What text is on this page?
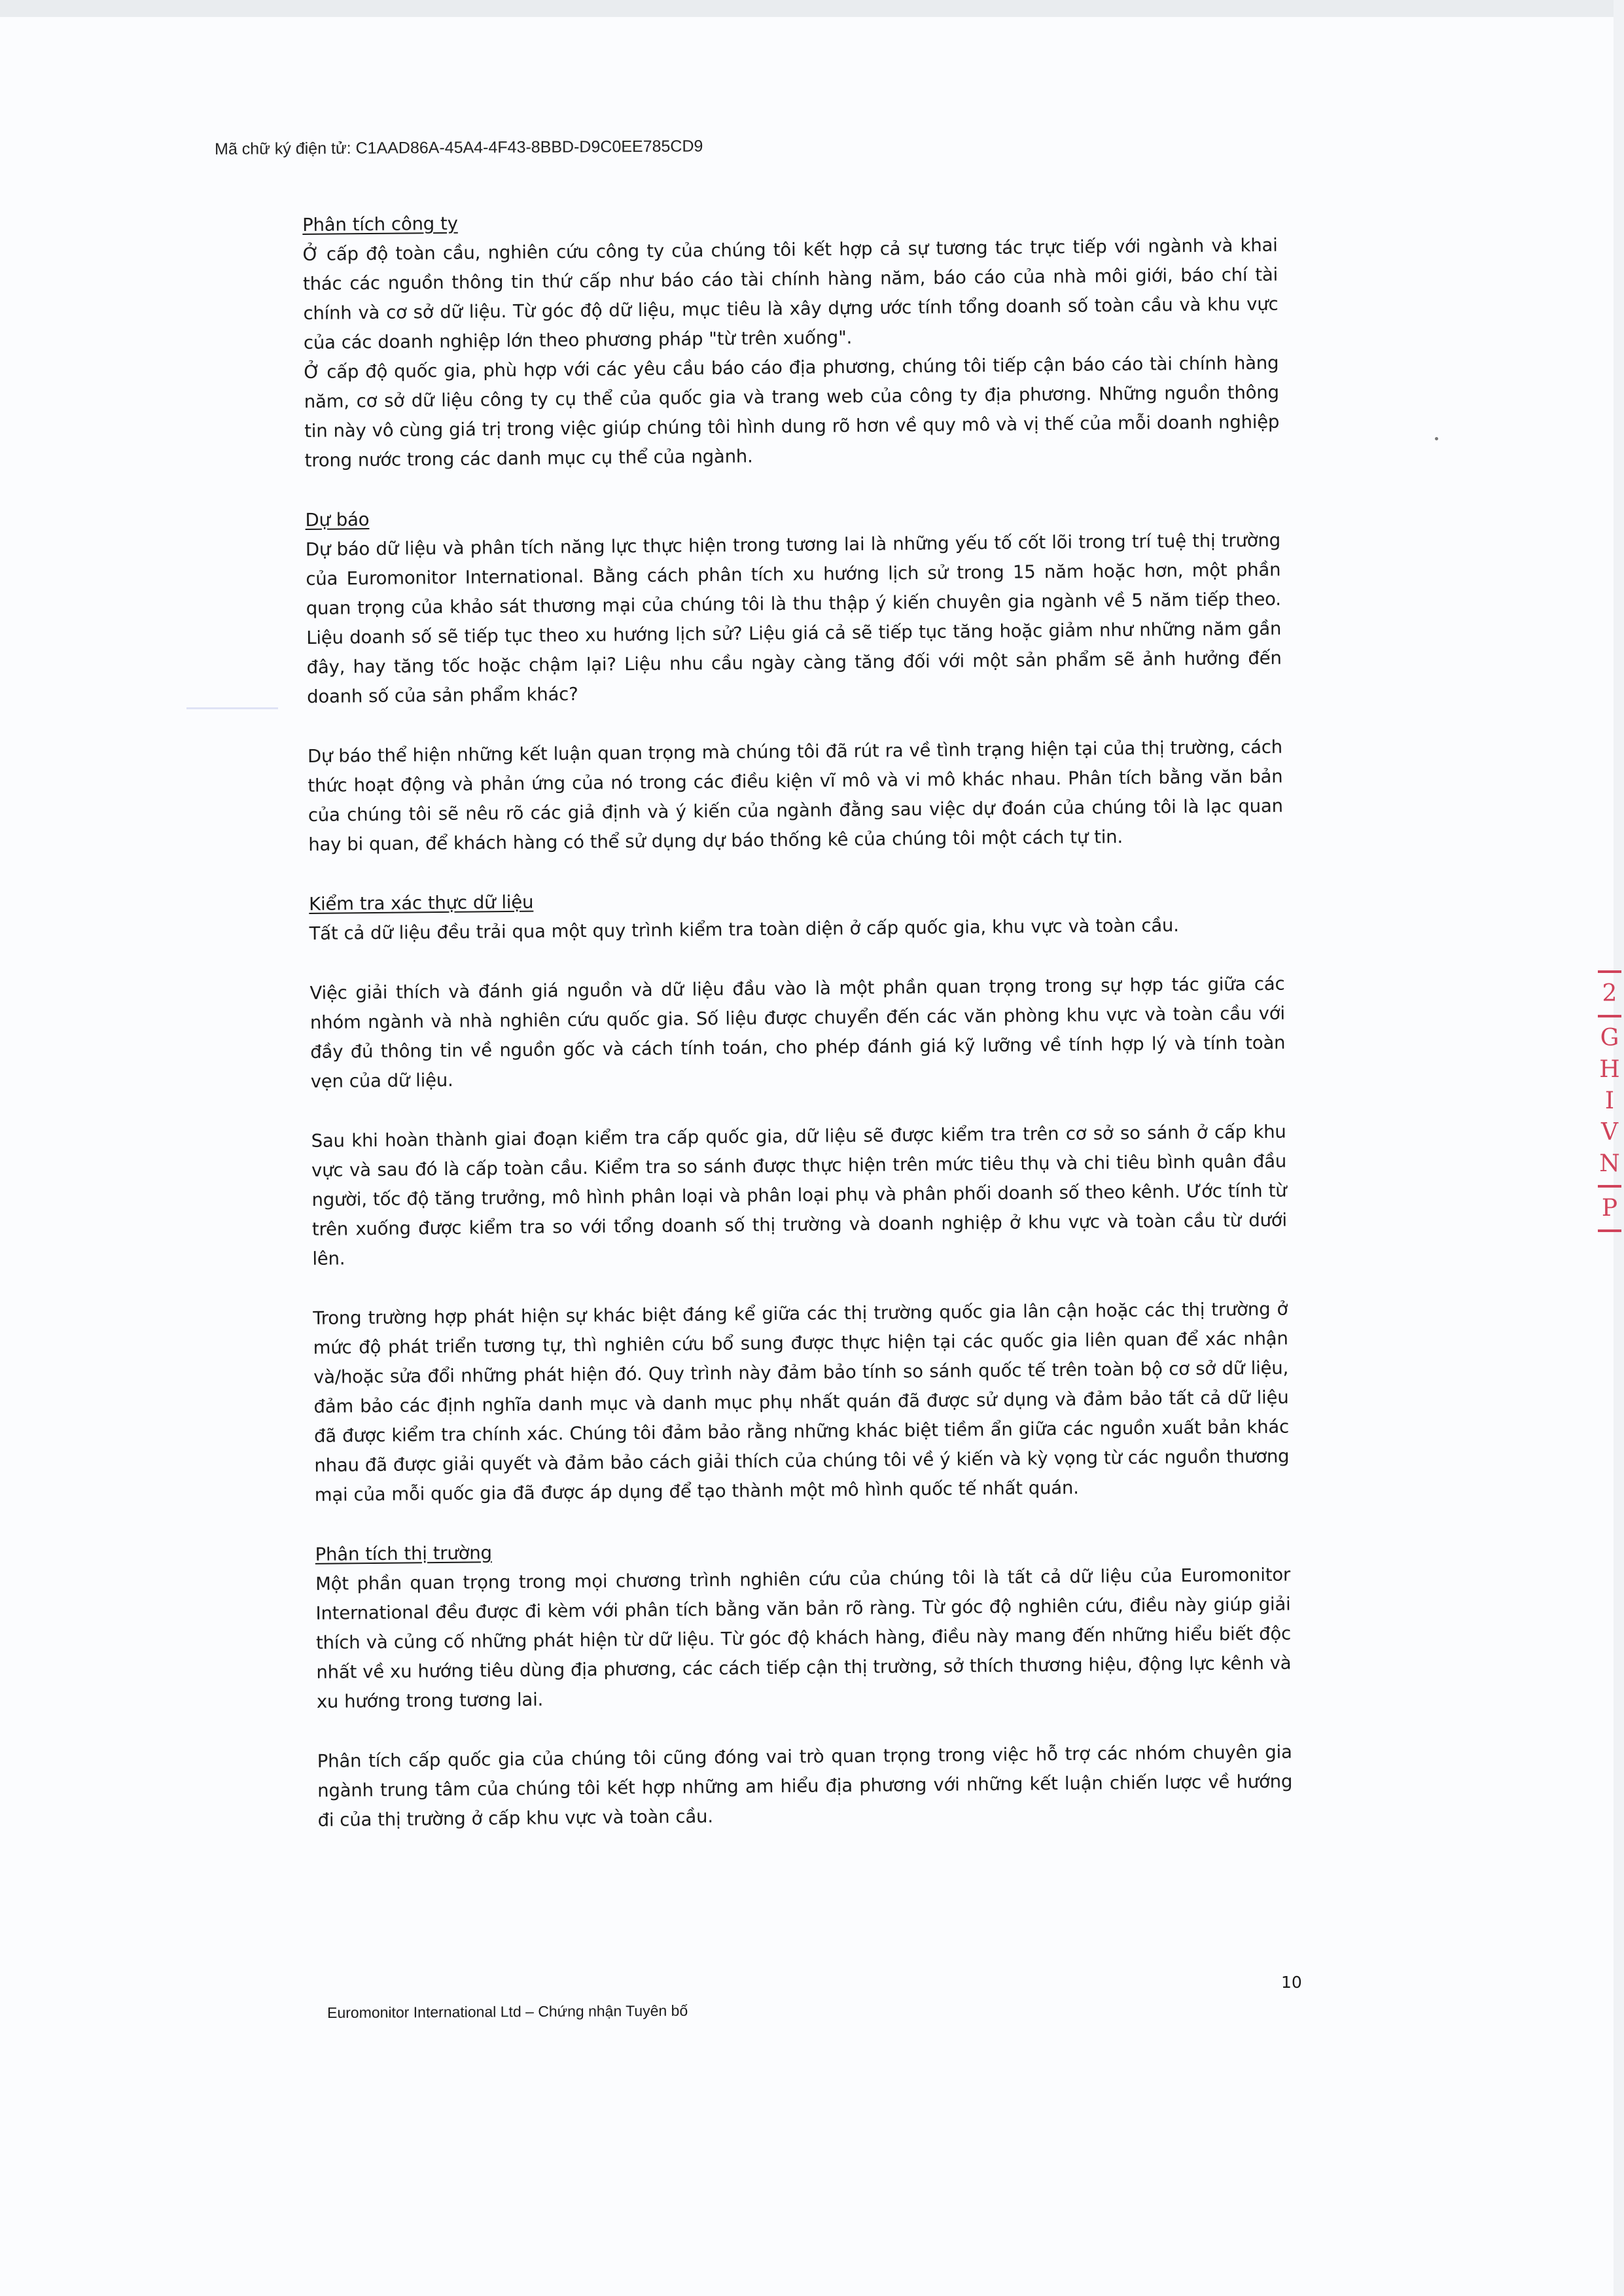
Mã chữ ký điện tử: C1AAD86A-45A4-4F43-8BBD-D9C0EE785CD9
Phân tích công ty

Ở cấp độ toàn cầu, nghiên cứu công ty của chúng tôi kết hợp cả sự tương tác trực tiếp với ngành và khai thác các nguồn thông tin thứ cấp như báo cáo tài chính hàng năm, báo cáo của nhà môi giới, báo chí tài chính và cơ sở dữ liệu. Từ góc độ dữ liệu, mục tiêu là xây dựng ước tính tổng doanh số toàn cầu và khu vực của các doanh nghiệp lớn theo phương pháp "từ trên xuống".

Ở cấp độ quốc gia, phù hợp với các yêu cầu báo cáo địa phương, chúng tôi tiếp cận báo cáo tài chính hàng năm, cơ sở dữ liệu công ty cụ thể của quốc gia và trang web của công ty địa phương. Những nguồn thông tin này vô cùng giá trị trong việc giúp chúng tôi hình dung rõ hơn về quy mô và vị thế của mỗi doanh nghiệp trong nước trong các danh mục cụ thể của ngành.

Dự báo

Dự báo dữ liệu và phân tích năng lực thực hiện trong tương lai là những yếu tố cốt lõi trong trí tuệ thị trường của Euromonitor International. Bằng cách phân tích xu hướng lịch sử trong 15 năm hoặc hơn, một phần quan trọng của khảo sát thương mại của chúng tôi là thu thập ý kiến chuyên gia ngành về 5 năm tiếp theo. Liệu doanh số sẽ tiếp tục theo xu hướng lịch sử? Liệu giá cả sẽ tiếp tục tăng hoặc giảm như những năm gần đây, hay tăng tốc hoặc chậm lại? Liệu nhu cầu ngày càng tăng đối với một sản phẩm sẽ ảnh hưởng đến doanh số của sản phẩm khác?

Dự báo thể hiện những kết luận quan trọng mà chúng tôi đã rút ra về tình trạng hiện tại của thị trường, cách thức hoạt động và phản ứng của nó trong các điều kiện vĩ mô và vi mô khác nhau. Phân tích bằng văn bản của chúng tôi sẽ nêu rõ các giả định và ý kiến của ngành đằng sau việc dự đoán của chúng tôi là lạc quan hay bi quan, để khách hàng có thể sử dụng dự báo thống kê của chúng tôi một cách tự tin.

Kiểm tra xác thực dữ liệu

Tất cả dữ liệu đều trải qua một quy trình kiểm tra toàn diện ở cấp quốc gia, khu vực và toàn cầu.

Việc giải thích và đánh giá nguồn và dữ liệu đầu vào là một phần quan trọng trong sự hợp tác giữa các nhóm ngành và nhà nghiên cứu quốc gia. Số liệu được chuyển đến các văn phòng khu vực và toàn cầu với đầy đủ thông tin về nguồn gốc và cách tính toán, cho phép đánh giá kỹ lưỡng về tính hợp lý và tính toàn vẹn của dữ liệu.

Sau khi hoàn thành giai đoạn kiểm tra cấp quốc gia, dữ liệu sẽ được kiểm tra trên cơ sở so sánh ở cấp khu vực và sau đó là cấp toàn cầu. Kiểm tra so sánh được thực hiện trên mức tiêu thụ và chi tiêu bình quân đầu người, tốc độ tăng trưởng, mô hình phân loại và phân loại phụ và phân phối doanh số theo kênh. Ước tính từ trên xuống được kiểm tra so với tổng doanh số thị trường và doanh nghiệp ở khu vực và toàn cầu từ dưới lên.

Trong trường hợp phát hiện sự khác biệt đáng kể giữa các thị trường quốc gia lân cận hoặc các thị trường ở mức độ phát triển tương tự, thì nghiên cứu bổ sung được thực hiện tại các quốc gia liên quan để xác nhận và/hoặc sửa đổi những phát hiện đó. Quy trình này đảm bảo tính so sánh quốc tế trên toàn bộ cơ sở dữ liệu, đảm bảo các định nghĩa danh mục và danh mục phụ nhất quán đã được sử dụng và đảm bảo tất cả dữ liệu đã được kiểm tra chính xác. Chúng tôi đảm bảo rằng những khác biệt tiềm ẩn giữa các nguồn xuất bản khác nhau đã được giải quyết và đảm bảo cách giải thích của chúng tôi về ý kiến và kỳ vọng từ các nguồn thương mại của mỗi quốc gia đã được áp dụng để tạo thành một mô hình quốc tế nhất quán.

Phân tích thị trường

Một phần quan trọng trong mọi chương trình nghiên cứu của chúng tôi là tất cả dữ liệu của Euromonitor International đều được đi kèm với phân tích bằng văn bản rõ ràng. Từ góc độ nghiên cứu, điều này giúp giải thích và củng cố những phát hiện từ dữ liệu. Từ góc độ khách hàng, điều này mang đến những hiểu biết độc nhất về xu hướng tiêu dùng địa phương, các cách tiếp cận thị trường, sở thích thương hiệu, động lực kênh và xu hướng trong tương lai.

Phân tích cấp quốc gia của chúng tôi cũng đóng vai trò quan trọng trong việc hỗ trợ các nhóm chuyên gia ngành trung tâm của chúng tôi kết hợp những am hiểu địa phương với những kết luận chiến lược về hướng đi của thị trường ở cấp khu vực và toàn cầu.

2
G
H
I
V
N
P
10
Euromonitor International Ltd – Chứng nhận Tuyên bố
